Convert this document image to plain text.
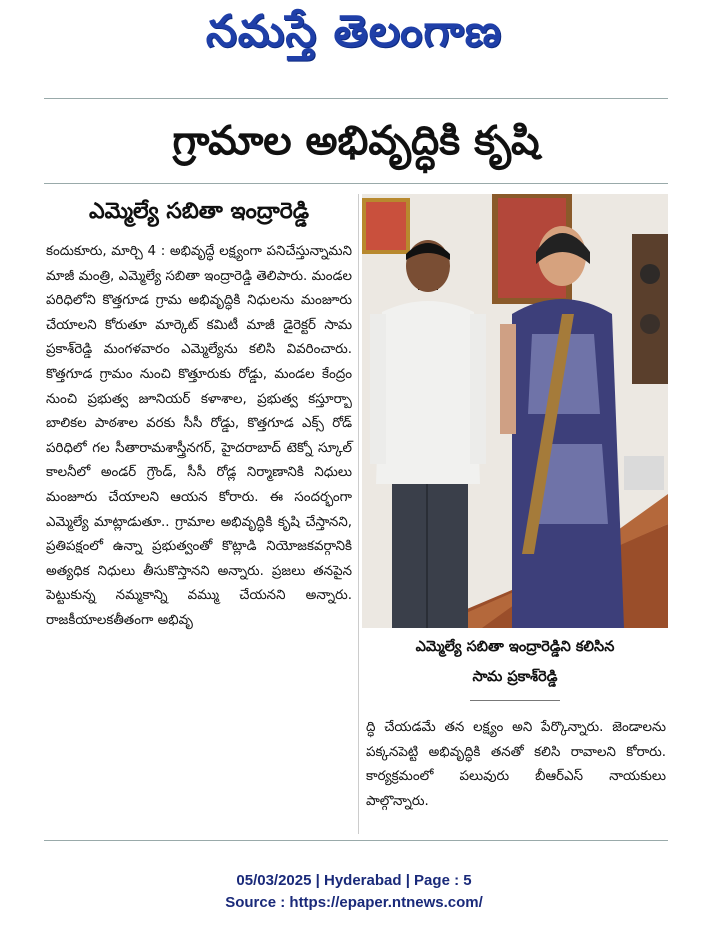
నమస్తే తెలంగాణ
గ్రామాల అభివృద్ధికి కృషి
ఎమ్మెల్యే సబితా ఇంద్రారెడ్డి

కందుకూరు, మార్చి 4 : అభివృద్ధే లక్ష్యంగా పనిచేస్తున్నామని మాజీ మంత్రి, ఎమ్మెల్యే సబితా ఇంద్రారెడ్డి తెలిపారు. మండల పరిధిలోని కొత్తగూడ గ్రామ అభివృద్ధికి నిధులను మంజూరు చేయాలని కోరుతూ మార్కెట్ కమిటీ మాజీ డైరెక్టర్ సామ ప్రకాశ్‌రెడ్డి మంగళవారం ఎమ్మెల్యేను కలిసి వివరించారు. కొత్తగూడ గ్రామం నుంచి కొత్తూరుకు రోడ్డు, మండల కేంద్రం నుంచి ప్రభుత్వ జూనియర్ కళాశాల, ప్రభుత్వ కస్తూర్బా బాలికల పాఠశాల వరకు సీసీ రోడ్డు, కొత్తగూడ ఎక్స్ రోడ్ పరిధిలో గల సీతారామశాస్త్రీనగర్, హైదరాబాద్ టెక్నో స్కూల్ కాలనీలో అండర్ గ్రౌండ్, సీసీ రోడ్ల నిర్మాణానికి నిధులు మంజూరు చేయాలని ఆయన కోరారు. ఈ సందర్భంగా ఎమ్మెల్యే మాట్లాడుతూ.. గ్రామాల అభివృద్ధికి కృషి చేస్తానని, ప్రతిపక్షంలో ఉన్నా ప్రభుత్వంతో కొట్లాడి నియోజకవర్గానికి అత్యధిక నిధులు తీసుకొస్తానని అన్నారు. ప్రజలు తనపైన పెట్టుకున్న నమ్మకాన్ని వమ్ము చేయనని అన్నారు. రాజకీయాలకతీతంగా అభివృ

ఎమ్మెల్యే సబితా ఇంద్రారెడ్డిని కలిసిన
సామ ప్రకాశ్‌రెడ్డి

ద్ధి చేయడమే తన లక్ష్యం అని పేర్కొన్నారు. జెండాలను పక్కనపెట్టి అభివృద్ధికి తనతో కలిసి రావాలని కోరారు. కార్యక్రమంలో పలువురు బీఆర్ఎస్ నాయకులు పాల్గొన్నారు.

05/03/2025 | Hyderabad | Page : 5
Source : https://epaper.ntnews.com/
